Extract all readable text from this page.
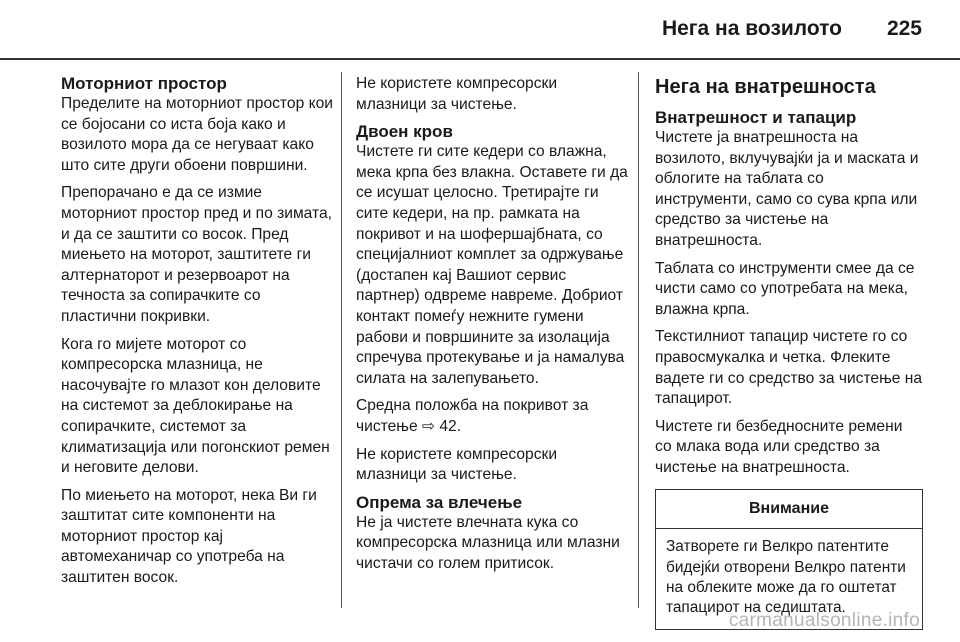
Нега на возилото 225
Моторниот простор

Пределите на моторниот простор кои се бојосани со иста боја како и возилото мора да се негуваат како што сите други обоени површини.

Препорачано е да се измие моторниот простор пред и по зимата, и да се заштити со восок. Пред миењето на моторот, заштитете ги алтернаторот и резервоарот на течноста за сопирачките со пластични покривки.

Кога го мијете моторот со компресорска млазница, не насочувајте го млазот кон деловите на системот за деблокирање на сопирачките, системот за климатизација или погонскиот ремен и неговите делови.

По миењето на моторот, нека Ви ги заштитат сите компоненти на моторниот простор кај автомеханичар со употреба на заштитен восок.

Не користете компресорски млазници за чистење.

Двоен кров

Чистете ги сите кедери со влажна, мека крпа без влакна. Оставете ги да се исушат целосно. Третирајте ги сите кедери, на пр. рамката на покривот и на шофершајбната, со специјалниот комплет за одржување (достапен кај Вашиот сервис партнер) одвреме навреме. Добриот контакт помеѓу нежните гумени рабови и површините за изолација спречува протекување и ја намалува силата на залепувањето.

Средна положба на покривот за чистење ⇨ 42.

Не користете компресорски млазници за чистење.

Опрема за влечење

Не ја чистете влечната кука со компресорска млазница или млазни чистачи со голем притисок.

Нега на внатрешноста
Внатрешност и тапацир

Чистете ја внатрешноста на возилото, вклучувајќи ја и маската и облогите на таблата со инструменти, само со сува крпа или средство за чистење на внатрешноста.

Таблата со инструменти смее да се чисти само со употребата на мека, влажна крпа.

Текстилниот тапацир чистете го со правосмукалка и четка. Флеките вадете ги со средство за чистење на тапацирот.

Чистете ги безбедносните ремени со млака вода или средство за чистење на внатрешноста.

Внимание
Затворете ги Велкро патентите бидејќи отворени Велкро патенти на облеките може да го оштетат тапацирот на седиштата.
carmanualsonline.info
